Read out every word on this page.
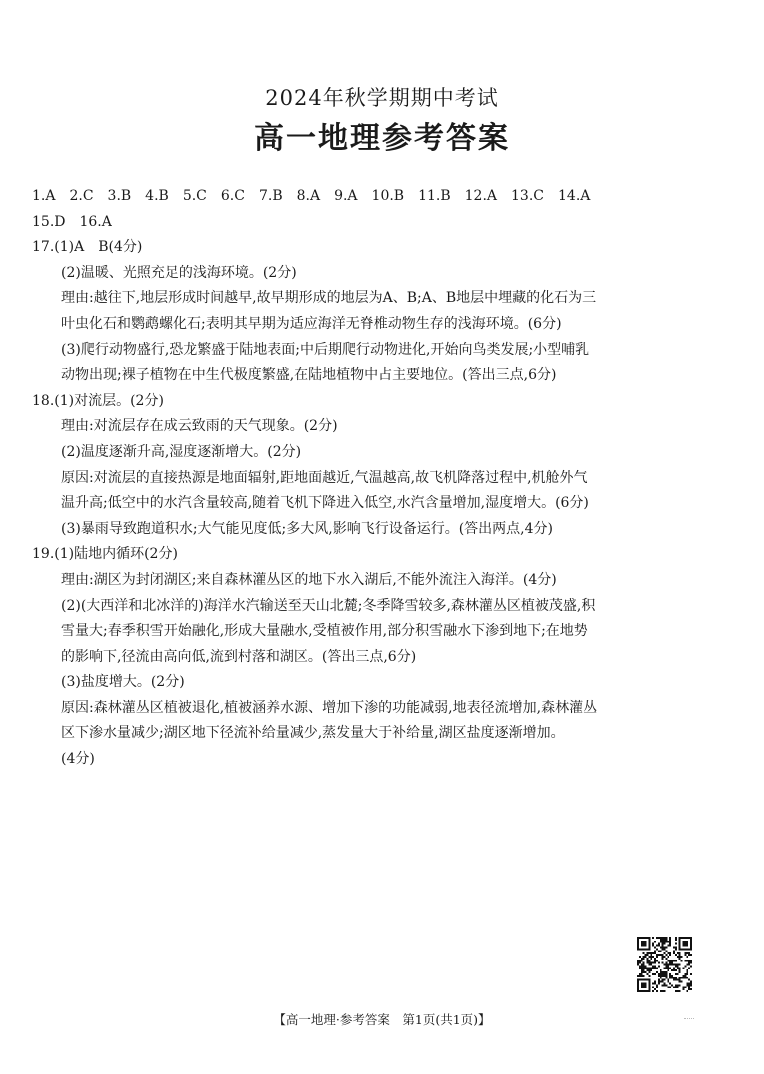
2024年秋学期期中考试
高一地理参考答案
1.A　2.C　3.B　4.B　5.C　6.C　7.B　8.A　9.A　10.B　11.B　12.A　13.C　14.A
15.D　16.A
17.(1)A　B(4分)
(2)温暖、光照充足的浅海环境。(2分)
理由:越往下,地层形成时间越早,故早期形成的地层为A、B;A、B地层中埋藏的化石为三
叶虫化石和鹦鹉螺化石;表明其早期为适应海洋无脊椎动物生存的浅海环境。(6分)
(3)爬行动物盛行,恐龙繁盛于陆地表面;中后期爬行动物进化,开始向鸟类发展;小型哺乳
动物出现;裸子植物在中生代极度繁盛,在陆地植物中占主要地位。(答出三点,6分)
18.(1)对流层。(2分)
理由:对流层存在成云致雨的天气现象。(2分)
(2)温度逐渐升高,湿度逐渐增大。(2分)
原因:对流层的直接热源是地面辐射,距地面越近,气温越高,故飞机降落过程中,机舱外气
温升高;低空中的水汽含量较高,随着飞机下降进入低空,水汽含量增加,湿度增大。(6分)
(3)暴雨导致跑道积水;大气能见度低;多大风,影响飞行设备运行。(答出两点,4分)
19.(1)陆地内循环(2分)
理由:湖区为封闭湖区;来自森林灌丛区的地下水入湖后,不能外流注入海洋。(4分)
(2)(大西洋和北冰洋的)海洋水汽输送至天山北麓;冬季降雪较多,森林灌丛区植被茂盛,积
雪量大;春季积雪开始融化,形成大量融水,受植被作用,部分积雪融水下渗到地下;在地势
的影响下,径流由高向低,流到村落和湖区。(答出三点,6分)
(3)盐度增大。(2分)
原因:森林灌丛区植被退化,植被涵养水源、增加下渗的功能减弱,地表径流增加,森林灌丛
区下渗水量减少;湖区地下径流补给量减少,蒸发量大于补给量,湖区盐度逐渐增加。
(4分)
【高一地理·参考答案　第1页(共1页)】
